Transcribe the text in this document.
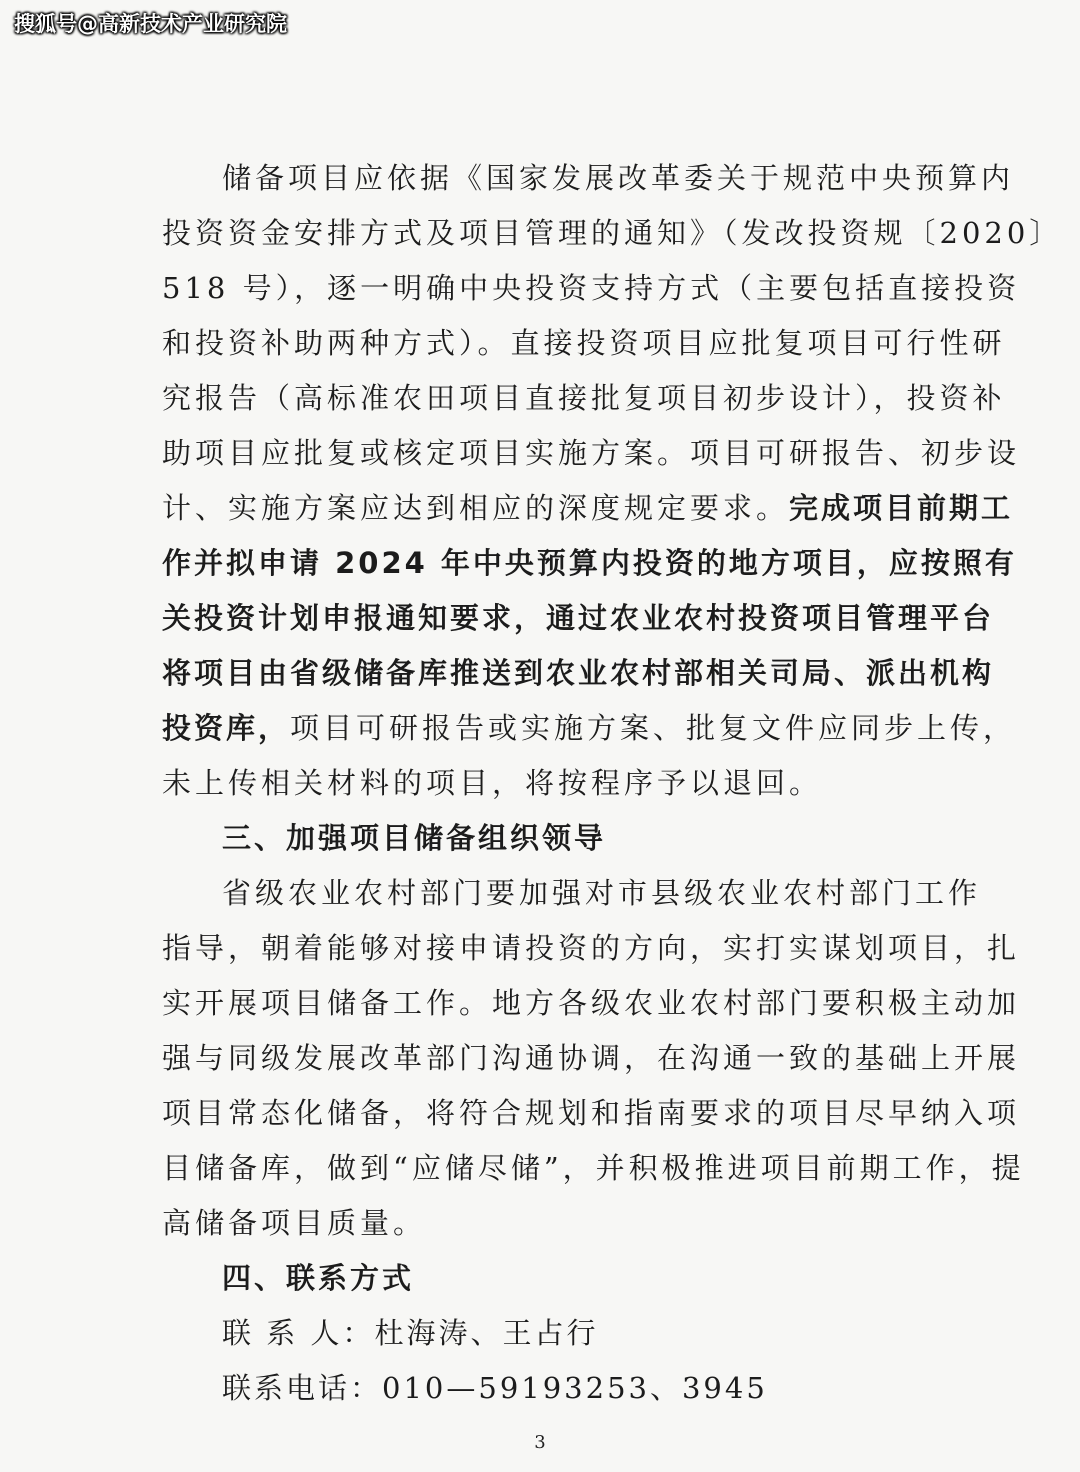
搜狐号@高新技术产业研究院
储备项目应依据《国家发展改革委关于规范中央预算内
投资资金安排方式及项目管理的通知》（发改投资规〔2020〕
518 号），逐一明确中央投资支持方式（主要包括直接投资
和投资补助两种方式）。直接投资项目应批复项目可行性研
究报告（高标准农田项目直接批复项目初步设计），投资补
助项目应批复或核定项目实施方案。项目可研报告、初步设
计、实施方案应达到相应的深度规定要求。完成项目前期工
作并拟申请 2024 年中央预算内投资的地方项目，应按照有
关投资计划申报通知要求，通过农业农村投资项目管理平台
将项目由省级储备库推送到农业农村部相关司局、派出机构
投资库，项目可研报告或实施方案、批复文件应同步上传，
未上传相关材料的项目，将按程序予以退回。
三、加强项目储备组织领导
省级农业农村部门要加强对市县级农业农村部门工作
指导，朝着能够对接申请投资的方向，实打实谋划项目，扎
实开展项目储备工作。地方各级农业农村部门要积极主动加
强与同级发展改革部门沟通协调，在沟通一致的基础上开展
项目常态化储备，将符合规划和指南要求的项目尽早纳入项
目储备库，做到“应储尽储”，并积极推进项目前期工作，提
高储备项目质量。
四、联系方式
联 系 人：杜海涛、王占行
联系电话：010—59193253、3945
3
